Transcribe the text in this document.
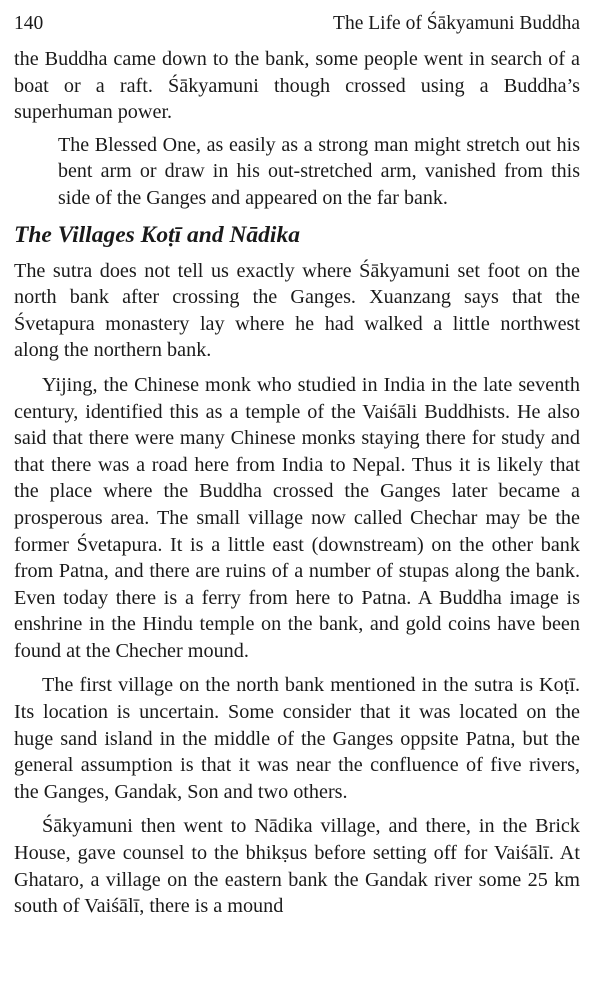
140	The Life of Śākyamuni Buddha

the Buddha came down to the bank, some people went in search of a boat or a raft. Śākyamuni though crossed using a Buddha’s superhuman power.

The Blessed One, as easily as a strong man might stretch out his bent arm or draw in his out-stretched arm, vanished from this side of the Ganges and appeared on the far bank.
The Villages Koṭī and Nādika

The sutra does not tell us exactly where Śākyamuni set foot on the north bank after crossing the Ganges. Xuanzang says that the Śvetapura monastery lay where he had walked a little northwest along the northern bank.

Yijing, the Chinese monk who studied in India in the late seventh century, identified this as a temple of the Vaiśāli Buddhists. He also said that there were many Chinese monks staying there for study and that there was a road here from India to Nepal. Thus it is likely that the place where the Buddha crossed the Ganges later became a prosperous area. The small village now called Chechar may be the former Śvetapura. It is a little east (downstream) on the other bank from Patna, and there are ruins of a number of stupas along the bank. Even today there is a ferry from here to Patna. A Buddha image is enshrine in the Hindu temple on the bank, and gold coins have been found at the Checher mound.

The first village on the north bank mentioned in the sutra is Koṭī. Its location is uncertain. Some consider that it was located on the huge sand island in the middle of the Ganges oppsite Patna, but the general assumption is that it was near the confluence of five rivers, the Ganges, Gandak, Son and two others.

Śākyamuni then went to Nādika village, and there, in the Brick House, gave counsel to the bhikṣus before setting off for Vaiśālī. At Ghataro, a village on the eastern bank the Gandak river some 25 km south of Vaiśālī, there is a mound
